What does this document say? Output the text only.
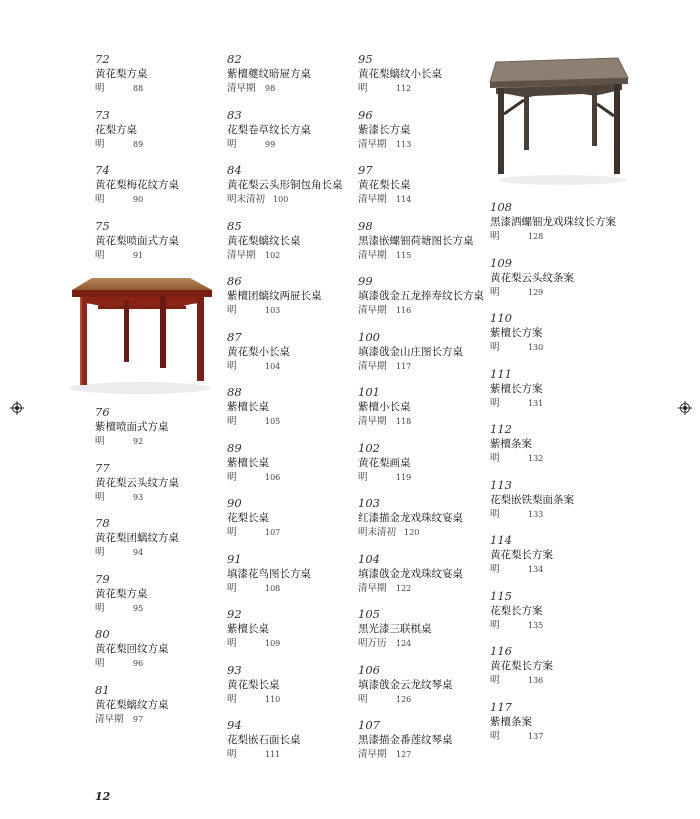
72
黄花梨方桌
明	88
73
花梨方桌
明	89
74
黄花梨梅花纹方桌
明	90
75
黄花梨喷面式方桌
明	91
76
紫檀喷面式方桌
明	92
77
黄花梨云头纹方桌
明	93
78
黄花梨团螭纹方桌
明	94
79
黄花梨方桌
明	95
80
黄花梨回纹方桌
明	96
81
黄花梨螭纹方桌
清早期 97
82
紫檀夔纹暗屉方桌
清早期 98
83
花梨卷草纹长方桌
明	99
84
黄花梨云头形铜包角长桌
明末清初 100
85
黄花梨螭纹长桌
清早期 102
86
紫檀团螭纹两屉长桌
明	103
87
黄花梨小长桌
明	104
88
紫檀长桌
明	105
89
紫檀长桌
明	106
90
花梨长桌
明	107
91
填漆花鸟图长方桌
明	108
92
紫檀长桌
明	109
93
黄花梨长桌
明	110
94
花梨嵌石面长桌
明	111
95
黄花梨螭纹小长桌
明	112
96
紫漆长方桌
清早期 113
97
黄花梨长桌
清早期 114
98
黑漆嵌螺钿荷塘图长方桌
清早期 115
99
填漆戗金五龙捧寿纹长方桌
清早期 116
100
填漆戗金山庄图长方桌
清早期 117
101
紫檀小长桌
清早期 118
102
黄花梨画桌
明	119
103
红漆描金龙戏珠纹宴桌
明末清初 120
104
填漆戗金龙戏珠纹宴桌
清早期 122
105
黑光漆三联棋桌
明万历 124
106
填漆戗金云龙纹琴桌
明	126
107
黑漆描金番莲纹琴桌
清早期 127
108
黑漆洒螺钿龙戏珠纹长方案
明	128
109
黄花梨云头纹条案
明	129
110
紫檀长方案
明	130
111
紫檀长方案
明	131
112
紫檀条案
明	132
113
花梨嵌铁梨面条案
明	133
114
黄花梨长方案
明	134
115
花梨长方案
明	135
116
黄花梨长方案
明	136
117
紫檀条案
明	137
12
